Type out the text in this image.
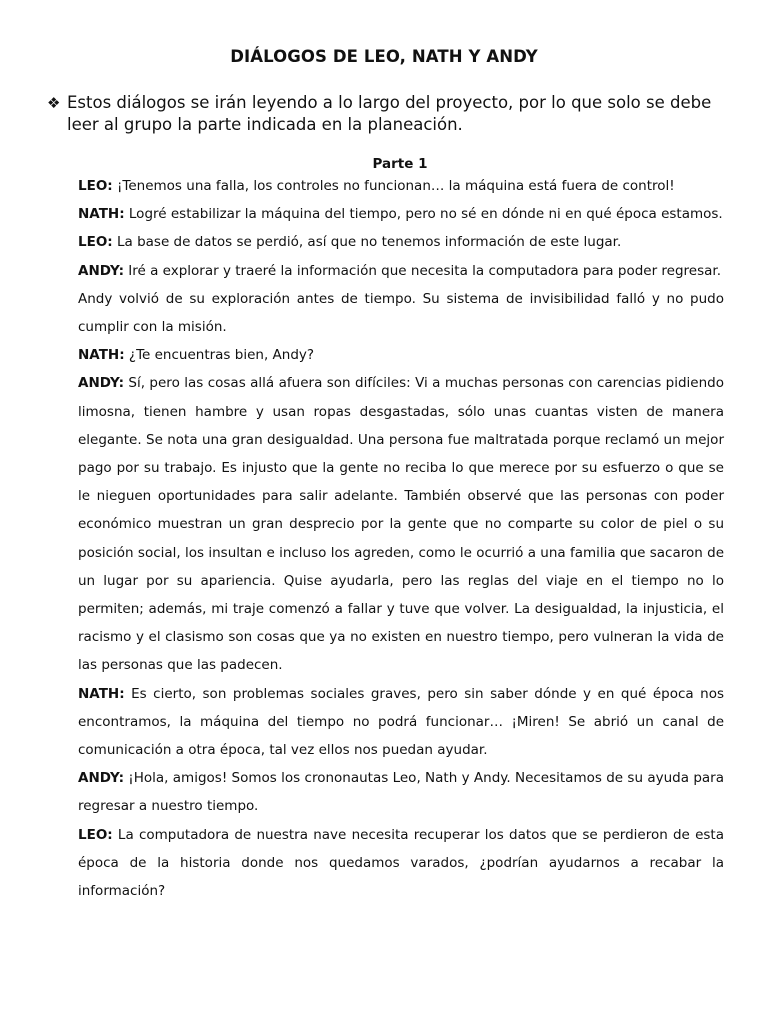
DIÁLOGOS DE LEO, NATH Y ANDY
❖ Estos diálogos se irán leyendo a lo largo del proyecto, por lo que solo se debe leer al grupo la parte indicada en la planeación.
Parte 1

LEO: ¡Tenemos una falla, los controles no funcionan… la máquina está fuera de control!

NATH: Logré estabilizar la máquina del tiempo, pero no sé en dónde ni en qué época estamos.

LEO: La base de datos se perdió, así que no tenemos información de este lugar.

ANDY: Iré a explorar y traeré la información que necesita la computadora para poder regresar.

Andy volvió de su exploración antes de tiempo. Su sistema de invisibilidad falló y no pudo cumplir con la misión.

NATH: ¿Te encuentras bien, Andy?

ANDY: Sí, pero las cosas allá afuera son difíciles: Vi a muchas personas con carencias pidiendo limosna, tienen hambre y usan ropas desgastadas, sólo unas cuantas visten de manera elegante. Se nota una gran desigualdad. Una persona fue maltratada porque reclamó un mejor pago por su trabajo. Es injusto que la gente no reciba lo que merece por su esfuerzo o que se le nieguen oportunidades para salir adelante. También observé que las personas con poder económico muestran un gran desprecio por la gente que no comparte su color de piel o su posición social, los insultan e incluso los agreden, como le ocurrió a una familia que sacaron de un lugar por su apariencia. Quise ayudarla, pero las reglas del viaje en el tiempo no lo permiten; además, mi traje comenzó a fallar y tuve que volver. La desigualdad, la injusticia, el racismo y el clasismo son cosas que ya no existen en nuestro tiempo, pero vulneran la vida de las personas que las padecen.

NATH: Es cierto, son problemas sociales graves, pero sin saber dónde y en qué época nos encontramos, la máquina del tiempo no podrá funcionar… ¡Miren! Se abrió un canal de comunicación a otra época, tal vez ellos nos puedan ayudar.

ANDY: ¡Hola, amigos! Somos los crononautas Leo, Nath y Andy. Necesitamos de su ayuda para regresar a nuestro tiempo.

LEO: La computadora de nuestra nave necesita recuperar los datos que se perdieron de esta época de la historia donde nos quedamos varados, ¿podrían ayudarnos a recabar la información?
